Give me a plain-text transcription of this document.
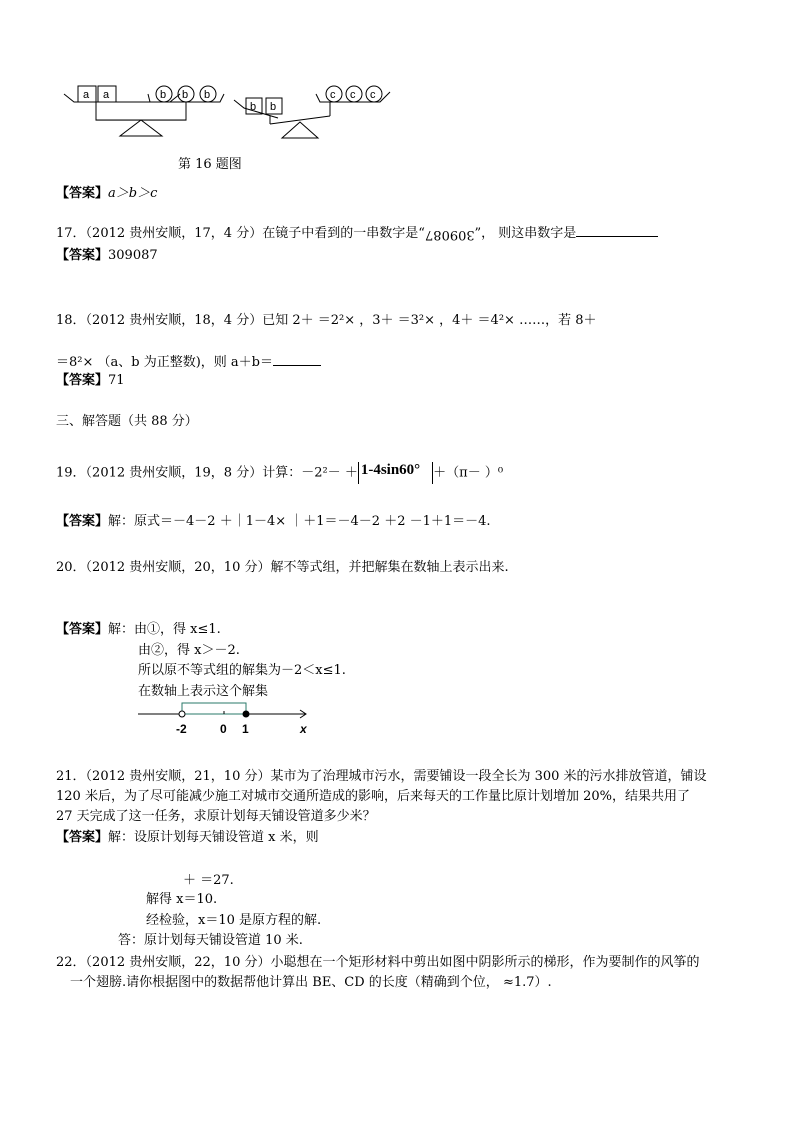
a a	b b b
b b
c c c
第 16 题图
【答案】a＞b＞c
17．（2012 贵州安顺，17，4 分）在镜子中看到的一串数字是“309087”， 则这串数字是
【答案】309087
18．（2012 贵州安顺，18，4 分）已知 2＋ ＝2²× ，3＋ ＝3²× ，4＋ ＝4²× ……，若 8＋
＝8²× （a、b 为正整数)，则 a＋b＝
【答案】71
三、解答题（共 88 分）
19．（2012 贵州安顺，19，8 分）计算：－2²－ ＋ 1-4sin60° ＋（π－ ）⁰
【答案】解：原式＝－4－2 ＋｜1－4× ｜＋1＝－4－2 ＋2 －1＋1＝－4.
20．（2012 贵州安顺，20，10 分）解不等式组，并把解集在数轴上表示出来.
【答案】解：由①，得 x≤1.
由②，得 x＞－2.
所以原不等式组的解集为－2＜x≤1.
在数轴上表示这个解集
-2	0 1	x
21．（2012 贵州安顺，21，10 分）某市为了治理城市污水，需要铺设一段全长为 300 米的污水排放管道，铺设
120 米后，为了尽可能减少施工对城市交通所造成的影响，后来每天的工作量比原计划增加 20%，结果共用了
27 天完成了这一任务，求原计划每天铺设管道多少米？
【答案】解：设原计划每天铺设管道 x 米，则
＋ ＝27.
解得 x＝10.
经检验，x＝10 是原方程的解.
答：原计划每天铺设管道 10 米.
22．（2012 贵州安顺，22，10 分）小聪想在一个矩形材料中剪出如图中阴影所示的梯形，作为要制作的风筝的
一个翅膀.请你根据图中的数据帮他计算出 BE、CD 的长度（精确到个位， ≈1.7）.
